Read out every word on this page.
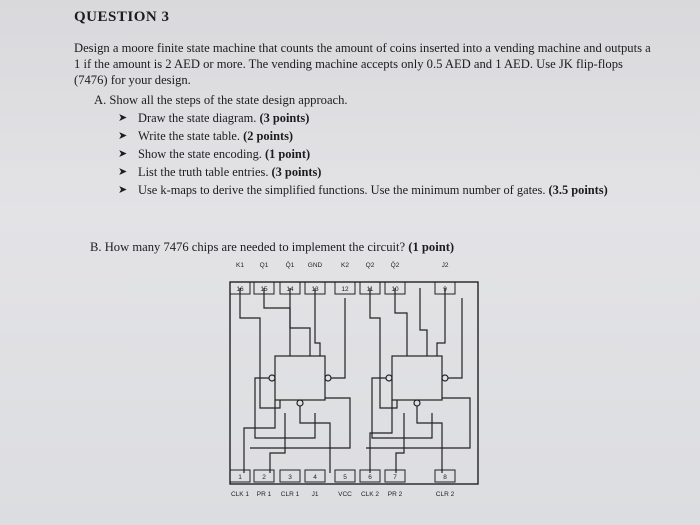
QUESTION 3
Design a moore finite state machine that counts the amount of coins inserted into a vending machine and outputs a 1 if the amount is 2 AED or more. The vending machine accepts only 0.5 AED and 1 AED. Use JK flip-flops (7476) for your design.
A. Show all the steps of the state design approach.
➤ Draw the state diagram. (3 points)
➤ Write the state table. (2 points)
➤ Show the state encoding. (1 point)
➤ List the truth table entries. (3 points)
➤ Use k-maps to derive the simplified functions. Use the minimum number of gates. (3.5 points)
B. How many 7476 chips are needed to implement the circuit? (1 point)
K1 Q1	Q̄1 GND	K2	Q2	Q̄2	J2
16	15	14	13	12	11	10	9
1	2	3	4	5	6	7	8
CLK 1 PR 1 CLR 1 J1	VCC CLK 2 PR 2	CLR 2
